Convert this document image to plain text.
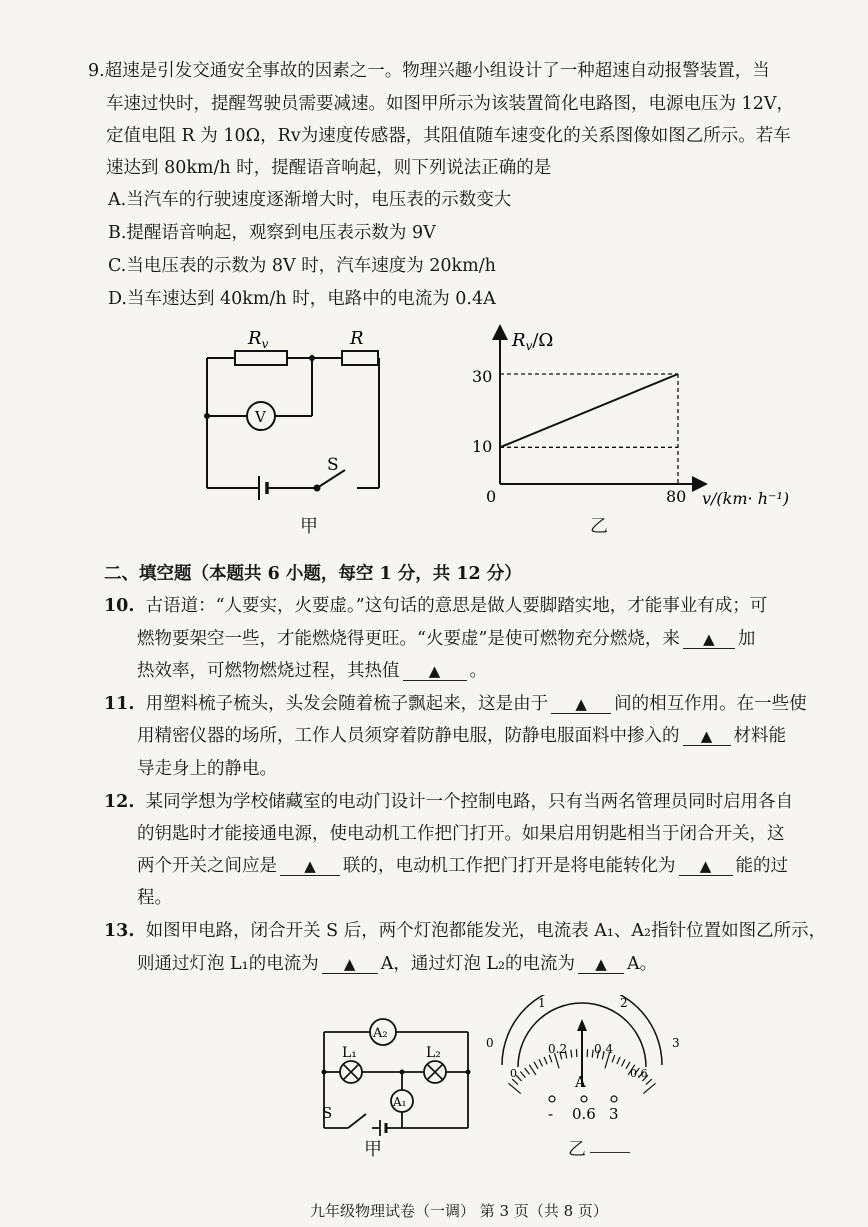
9.超速是引发交通安全事故的因素之一。物理兴趣小组设计了一种超速自动报警装置，当
车速过快时，提醒驾驶员需要减速。如图甲所示为该装置简化电路图，电源电压为 12V，
定值电阻 R 为 10Ω，Rv为速度传感器，其阻值随车速变化的关系图像如图乙所示。若车
速达到 80km/h 时，提醒语音响起，则下列说法正确的是
A.当汽车的行驶速度逐渐增大时，电压表的示数变大
B.提醒语音响起，观察到电压表示数为 9V
C.当电压表的示数为 8V 时，汽车速度为 20km/h
D.当车速达到 40km/h 时，电路中的电流为 0.4A
$R_v$	R
V
S
甲
$R_v/\Omega$
30
10
0	80 v/(km· h⁻¹)
乙
二、填空题（本题共 6 小题，每空 1 分，共 12 分）
10. 古语道：“人要实，火要虚。”这句话的意思是做人要脚踏实地，才能事业有成；可
燃物要架空一些，才能燃烧得更旺。“火要虚”是使可燃物充分燃烧，来 ▲ 加
热效率，可燃物燃烧过程，其热值 ▲ 。
11. 用塑料梳子梳头，头发会随着梳子飘起来，这是由于 ▲ 间的相互作用。在一些使
用精密仪器的场所，工作人员须穿着防静电服，防静电服面料中掺入的 ▲ 材料能
导走身上的静电。
12. 某同学想为学校储藏室的电动门设计一个控制电路，只有当两名管理员同时启用各自
的钥匙时才能接通电源，使电动机工作把门打开。如果启用钥匙相当于闭合开关，这
两个开关之间应是 ▲ 联的，电动机工作把门打开是将电能转化为 ▲ 能的过
程。
13. 如图甲电路，闭合开关 S 后，两个灯泡都能发光，电流表 A₁、A₂指针位置如图乙所示，
则通过灯泡 L₁的电流为 ▲ A，通过灯泡 L₂的电流为 ▲ A。
A₂
A₁
L₁	L₂
S
甲
0
1	2
3
0
0.2 0.4
0.6
A
- 0.6 3
乙
九年级物理试卷（一调） 第 3 页（共 8 页）
